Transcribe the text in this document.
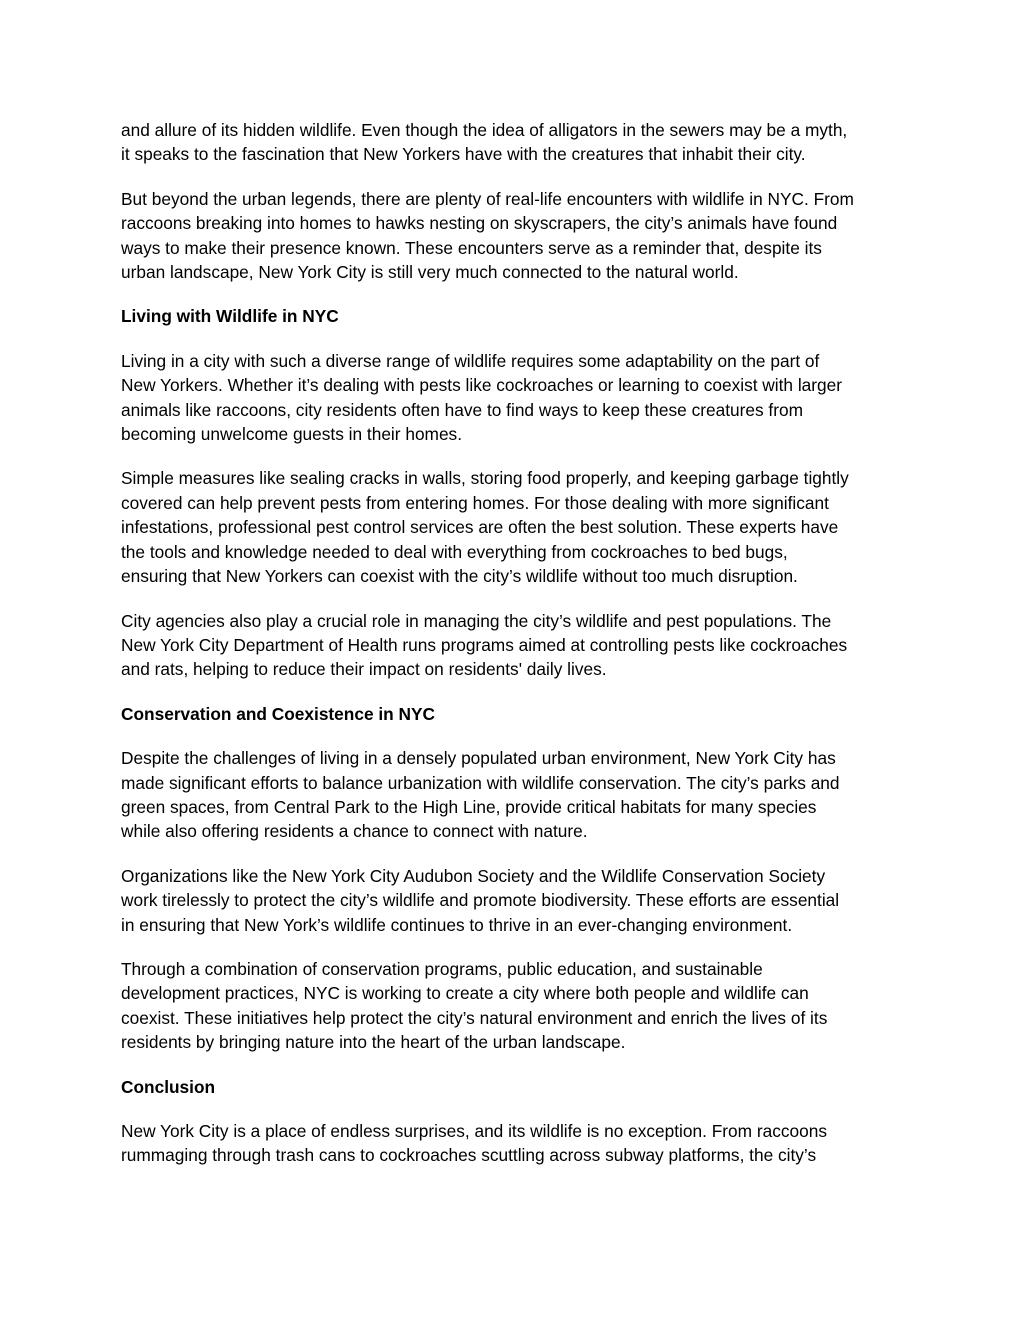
and allure of its hidden wildlife. Even though the idea of alligators in the sewers may be a myth,
it speaks to the fascination that New Yorkers have with the creatures that inhabit their city.

But beyond the urban legends, there are plenty of real-life encounters with wildlife in NYC. From
raccoons breaking into homes to hawks nesting on skyscrapers, the city’s animals have found
ways to make their presence known. These encounters serve as a reminder that, despite its
urban landscape, New York City is still very much connected to the natural world.

Living with Wildlife in NYC

Living in a city with such a diverse range of wildlife requires some adaptability on the part of
New Yorkers. Whether it’s dealing with pests like cockroaches or learning to coexist with larger
animals like raccoons, city residents often have to find ways to keep these creatures from
becoming unwelcome guests in their homes.

Simple measures like sealing cracks in walls, storing food properly, and keeping garbage tightly
covered can help prevent pests from entering homes. For those dealing with more significant
infestations, professional pest control services are often the best solution. These experts have
the tools and knowledge needed to deal with everything from cockroaches to bed bugs,
ensuring that New Yorkers can coexist with the city’s wildlife without too much disruption.

City agencies also play a crucial role in managing the city’s wildlife and pest populations. The
New York City Department of Health runs programs aimed at controlling pests like cockroaches
and rats, helping to reduce their impact on residents' daily lives.

Conservation and Coexistence in NYC

Despite the challenges of living in a densely populated urban environment, New York City has
made significant efforts to balance urbanization with wildlife conservation. The city’s parks and
green spaces, from Central Park to the High Line, provide critical habitats for many species
while also offering residents a chance to connect with nature.

Organizations like the New York City Audubon Society and the Wildlife Conservation Society
work tirelessly to protect the city’s wildlife and promote biodiversity. These efforts are essential
in ensuring that New York’s wildlife continues to thrive in an ever-changing environment.

Through a combination of conservation programs, public education, and sustainable
development practices, NYC is working to create a city where both people and wildlife can
coexist. These initiatives help protect the city’s natural environment and enrich the lives of its
residents by bringing nature into the heart of the urban landscape.

Conclusion

New York City is a place of endless surprises, and its wildlife is no exception. From raccoons
rummaging through trash cans to cockroaches scuttling across subway platforms, the city’s
